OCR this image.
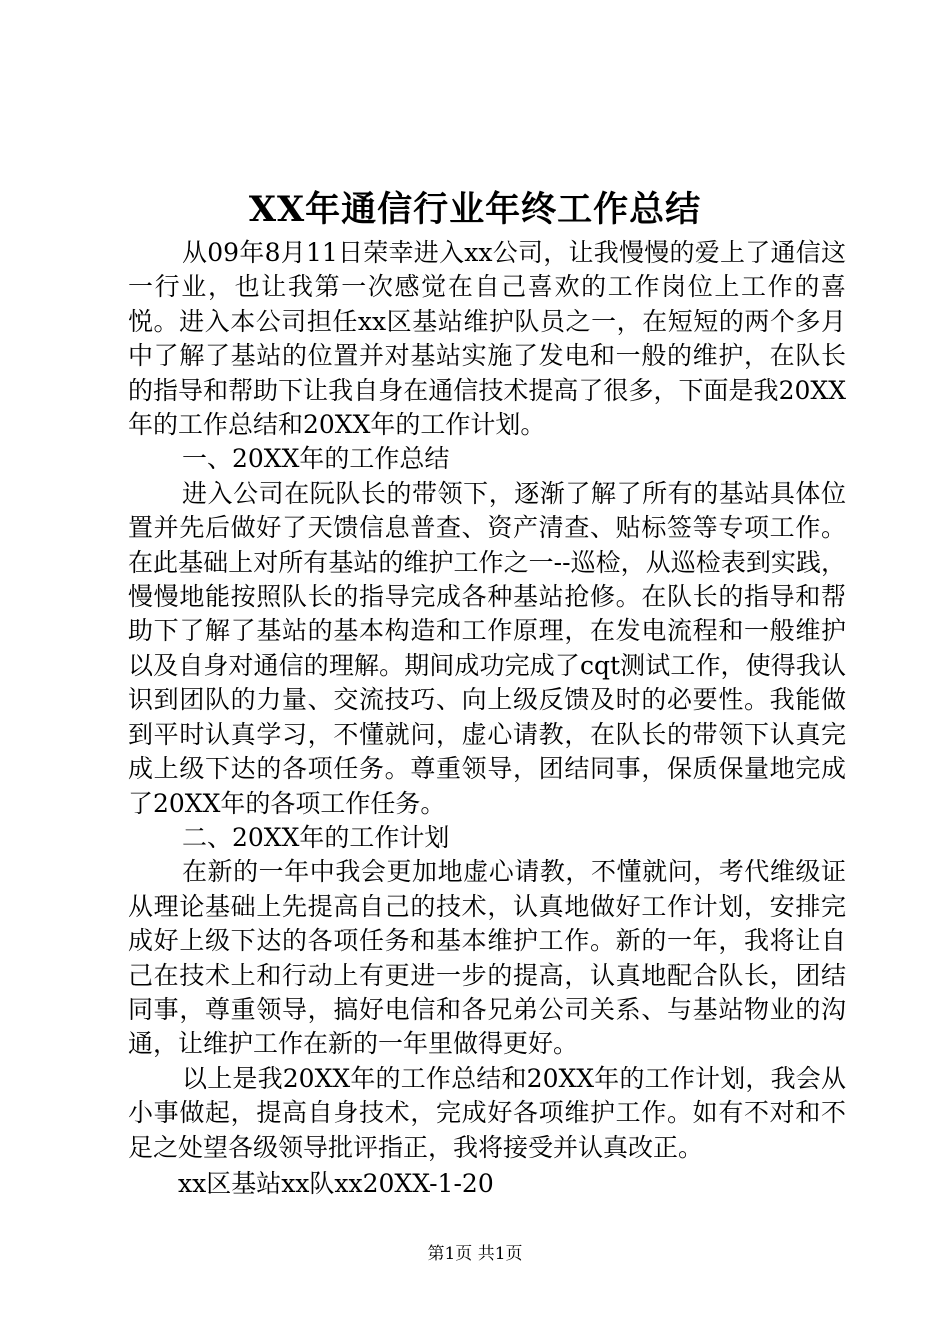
XX年通信行业年终工作总结

从09年8月11日荣幸进入xx公司，让我慢慢的爱上了通信这一行业，也让我第一次感觉在自己喜欢的工作岗位上工作的喜悦。进入本公司担任xx区基站维护队员之一，在短短的两个多月中了解了基站的位置并对基站实施了发电和一般的维护，在队长的指导和帮助下让我自身在通信技术提高了很多，下面是我20XX年的工作总结和20XX年的工作计划。

一、20XX年的工作总结

进入公司在阮队长的带领下，逐渐了解了所有的基站具体位置并先后做好了天馈信息普查、资产清查、贴标签等专项工作。在此基础上对所有基站的维护工作之一--巡检，从巡检表到实践，慢慢地能按照队长的指导完成各种基站抢修。在队长的指导和帮助下了解了基站的基本构造和工作原理，在发电流程和一般维护以及自身对通信的理解。期间成功完成了cqt测试工作，使得我认识到团队的力量、交流技巧、向上级反馈及时的必要性。我能做到平时认真学习，不懂就问，虚心请教，在队长的带领下认真完成上级下达的各项任务。尊重领导，团结同事，保质保量地完成了20XX年的各项工作任务。

二、20XX年的工作计划

在新的一年中我会更加地虚心请教，不懂就问，考代维级证从理论基础上先提高自己的技术，认真地做好工作计划，安排完成好上级下达的各项任务和基本维护工作。新的一年，我将让自己在技术上和行动上有更进一步的提高，认真地配合队长，团结同事，尊重领导，搞好电信和各兄弟公司关系、与基站物业的沟通，让维护工作在新的一年里做得更好。

以上是我20XX年的工作总结和20XX年的工作计划，我会从小事做起，提高自身技术，完成好各项维护工作。如有不对和不足之处望各级领导批评指正，我将接受并认真改正。

xx区基站xx队xx20XX-1-20

第1页 共1页
